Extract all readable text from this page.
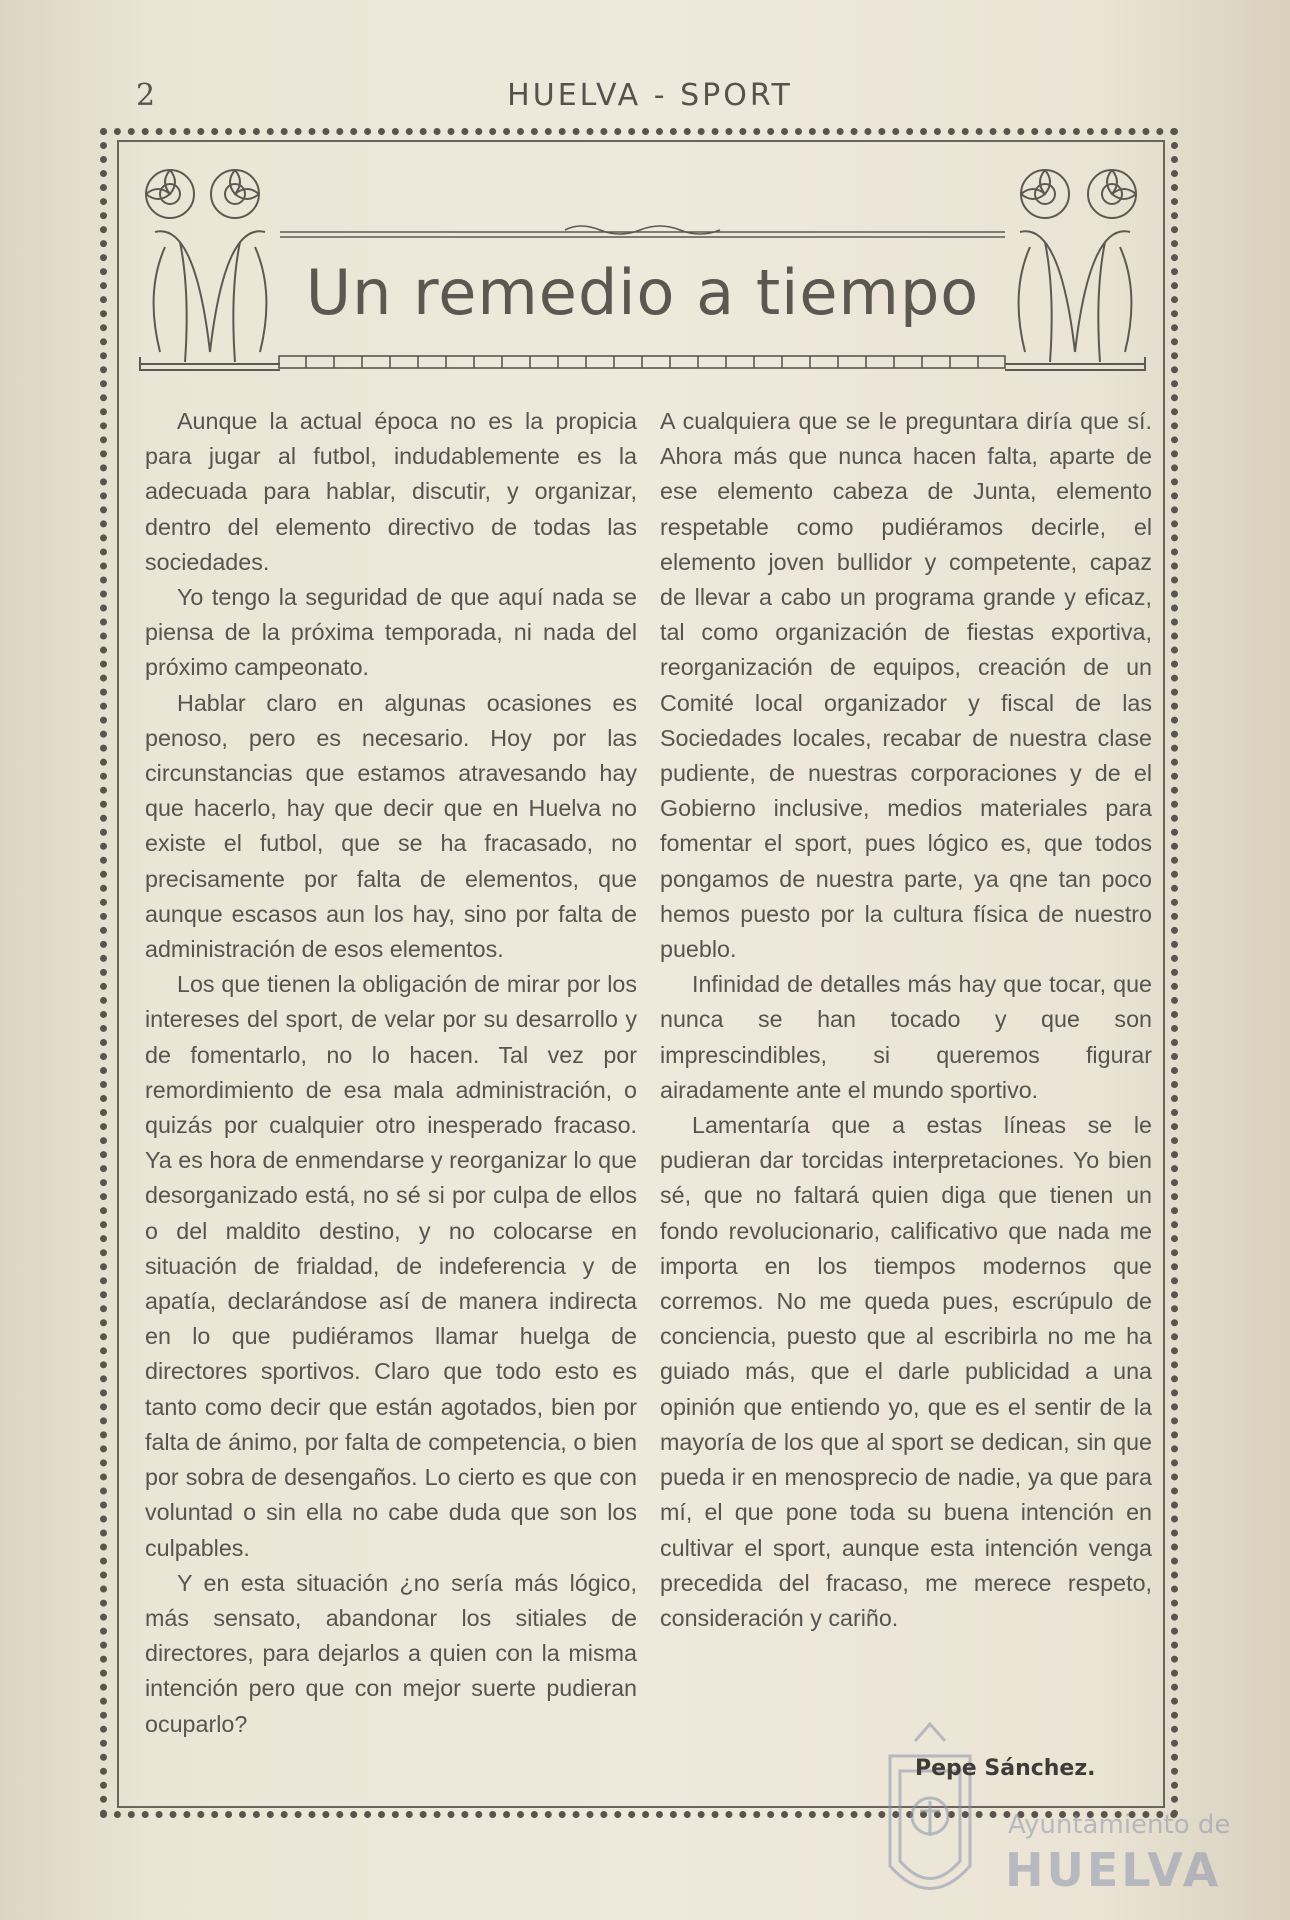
2	HUELVA - SPORT
Un remedio a tiempo

Aunque la actual época no es la propicia para jugar al futbol, indudablemente es la adecuada para hablar, discutir, y organizar, dentro del elemento directivo de todas las sociedades.

Yo tengo la seguridad de que aquí nada se piensa de la próxima temporada, ni nada del próximo campeonato.

Hablar claro en algunas ocasiones es penoso, pero es necesario. Hoy por las circunstancias que estamos atravesando hay que hacerlo, hay que decir que en Huelva no existe el futbol, que se ha fracasado, no precisamente por falta de elementos, que aunque escasos aun los hay, sino por falta de administración de esos elementos.

Los que tienen la obligación de mirar por los intereses del sport, de velar por su desarrollo y de fomentarlo, no lo hacen. Tal vez por remordimiento de esa mala administración, o quizás por cualquier otro inesperado fracaso. Ya es hora de enmendarse y reorganizar lo que desorganizado está, no sé si por culpa de ellos o del maldito destino, y no colocarse en situación de frialdad, de indeferencia y de apatía, declarándose así de manera indirecta en lo que pudiéramos llamar huelga de directores sportivos. Claro que todo esto es tanto como decir que están agotados, bien por falta de ánimo, por falta de competencia, o bien por sobra de desengaños. Lo cierto es que con voluntad o sin ella no cabe duda que son los culpables.

Y en esta situación ¿no sería más lógico, más sensato, abandonar los sitiales de directores, para dejarlos a quien con la misma intención pero que con mejor suerte pudieran ocuparlo?

A cualquiera que se le preguntara diría que sí. Ahora más que nunca hacen falta, aparte de ese elemento cabeza de Junta, elemento respetable como pudiéramos decirle, el elemento joven bullidor y competente, capaz de llevar a cabo un programa grande y eficaz, tal como organización de fiestas exportiva, reorganización de equipos, creación de un Comité local organizador y fiscal de las Sociedades locales, recabar de nuestra clase pudiente, de nuestras corporaciones y de el Gobierno inclusive, medios materiales para fomentar el sport, pues lógico es, que todos pongamos de nuestra parte, ya qne tan poco hemos puesto por la cultura física de nuestro pueblo.

Infinidad de detalles más hay que tocar, que nunca se han tocado y que son imprescindibles, si queremos figurar airadamente ante el mundo sportivo.

Lamentaría que a estas líneas se le pudieran dar torcidas interpretaciones. Yo bien sé, que no faltará quien diga que tienen un fondo revolucionario, calificativo que nada me importa en los tiempos modernos que corremos. No me queda pues, escrúpulo de conciencia, puesto que al escribirla no me ha guiado más, que el darle publicidad a una opinión que entiendo yo, que es el sentir de la mayoría de los que al sport se dedican, sin que pueda ir en menosprecio de nadie, ya que para mí, el que pone toda su buena intención en cultivar el sport, aunque esta intención venga precedida del fracaso, me merece respeto, consideración y cariño.

Pepe Sánchez.
Ayuntamiento de
HUELVA
